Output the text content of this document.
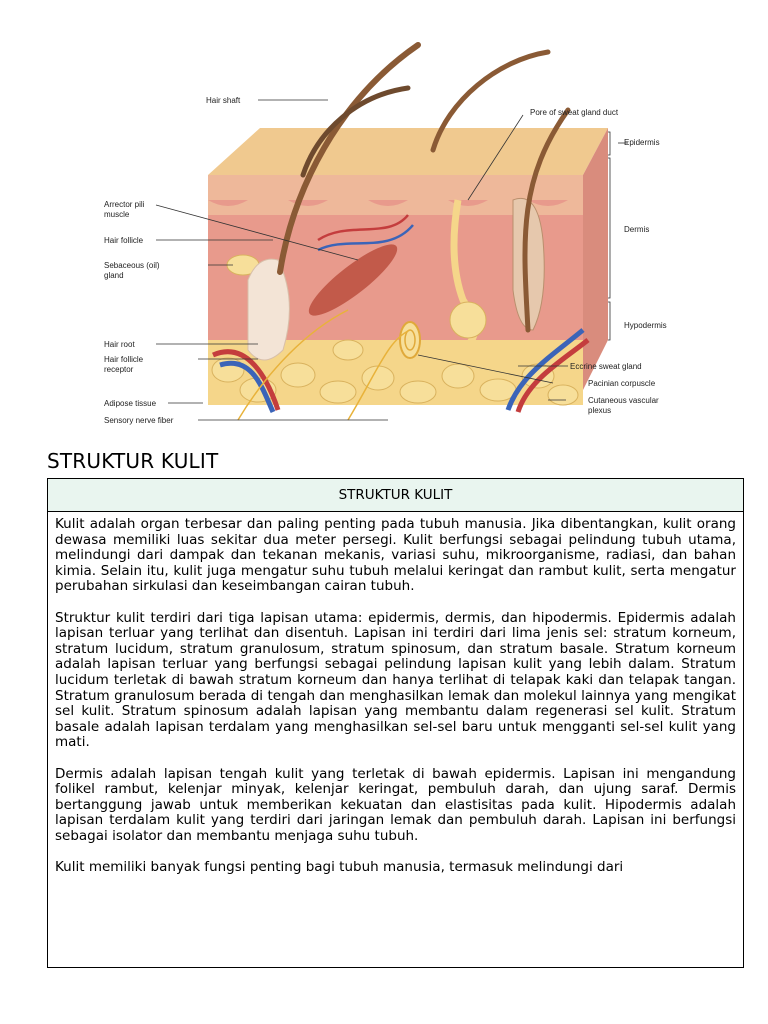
Hair shaft
Pore of sweat gland duct
Epidermis
Arrector pili
muscle
Dermis
Hair follicle
Sebaceous (oil)
gland
Hypodermis
Hair root
Hair follicle
receptor	Eccrine sweat gland
Pacinian corpuscle
Adipose tissue	Cutaneous vascular
plexus
Sensory nerve fiber
STRUKTUR KULIT
STRUKTUR KULIT

Kulit adalah organ terbesar dan paling penting pada tubuh manusia. Jika dibentangkan, kulit orang dewasa memiliki luas sekitar dua meter persegi. Kulit berfungsi sebagai pelindung tubuh utama, melindungi dari dampak dan tekanan mekanis, variasi suhu, mikroorganisme, radiasi, dan bahan kimia. Selain itu, kulit juga mengatur suhu tubuh melalui keringat dan rambut kulit, serta mengatur perubahan sirkulasi dan keseimbangan cairan tubuh.

Struktur kulit terdiri dari tiga lapisan utama: epidermis, dermis, dan hipodermis. Epidermis adalah lapisan terluar yang terlihat dan disentuh. Lapisan ini terdiri dari lima jenis sel: stratum korneum, stratum lucidum, stratum granulosum, stratum spinosum, dan stratum basale. Stratum korneum adalah lapisan terluar yang berfungsi sebagai pelindung lapisan kulit yang lebih dalam. Stratum lucidum terletak di bawah stratum korneum dan hanya terlihat di telapak kaki dan telapak tangan. Stratum granulosum berada di tengah dan menghasilkan lemak dan molekul lainnya yang mengikat sel kulit. Stratum spinosum adalah lapisan yang membantu dalam regenerasi sel kulit. Stratum basale adalah lapisan terdalam yang menghasilkan sel-sel baru untuk mengganti sel-sel kulit yang mati.

Dermis adalah lapisan tengah kulit yang terletak di bawah epidermis. Lapisan ini mengandung folikel rambut, kelenjar minyak, kelenjar keringat, pembuluh darah, dan ujung saraf. Dermis bertanggung jawab untuk memberikan kekuatan dan elastisitas pada kulit. Hipodermis adalah lapisan terdalam kulit yang terdiri dari jaringan lemak dan pembuluh darah. Lapisan ini berfungsi sebagai isolator dan membantu menjaga suhu tubuh.

Kulit memiliki banyak fungsi penting bagi tubuh manusia, termasuk melindungi dari
